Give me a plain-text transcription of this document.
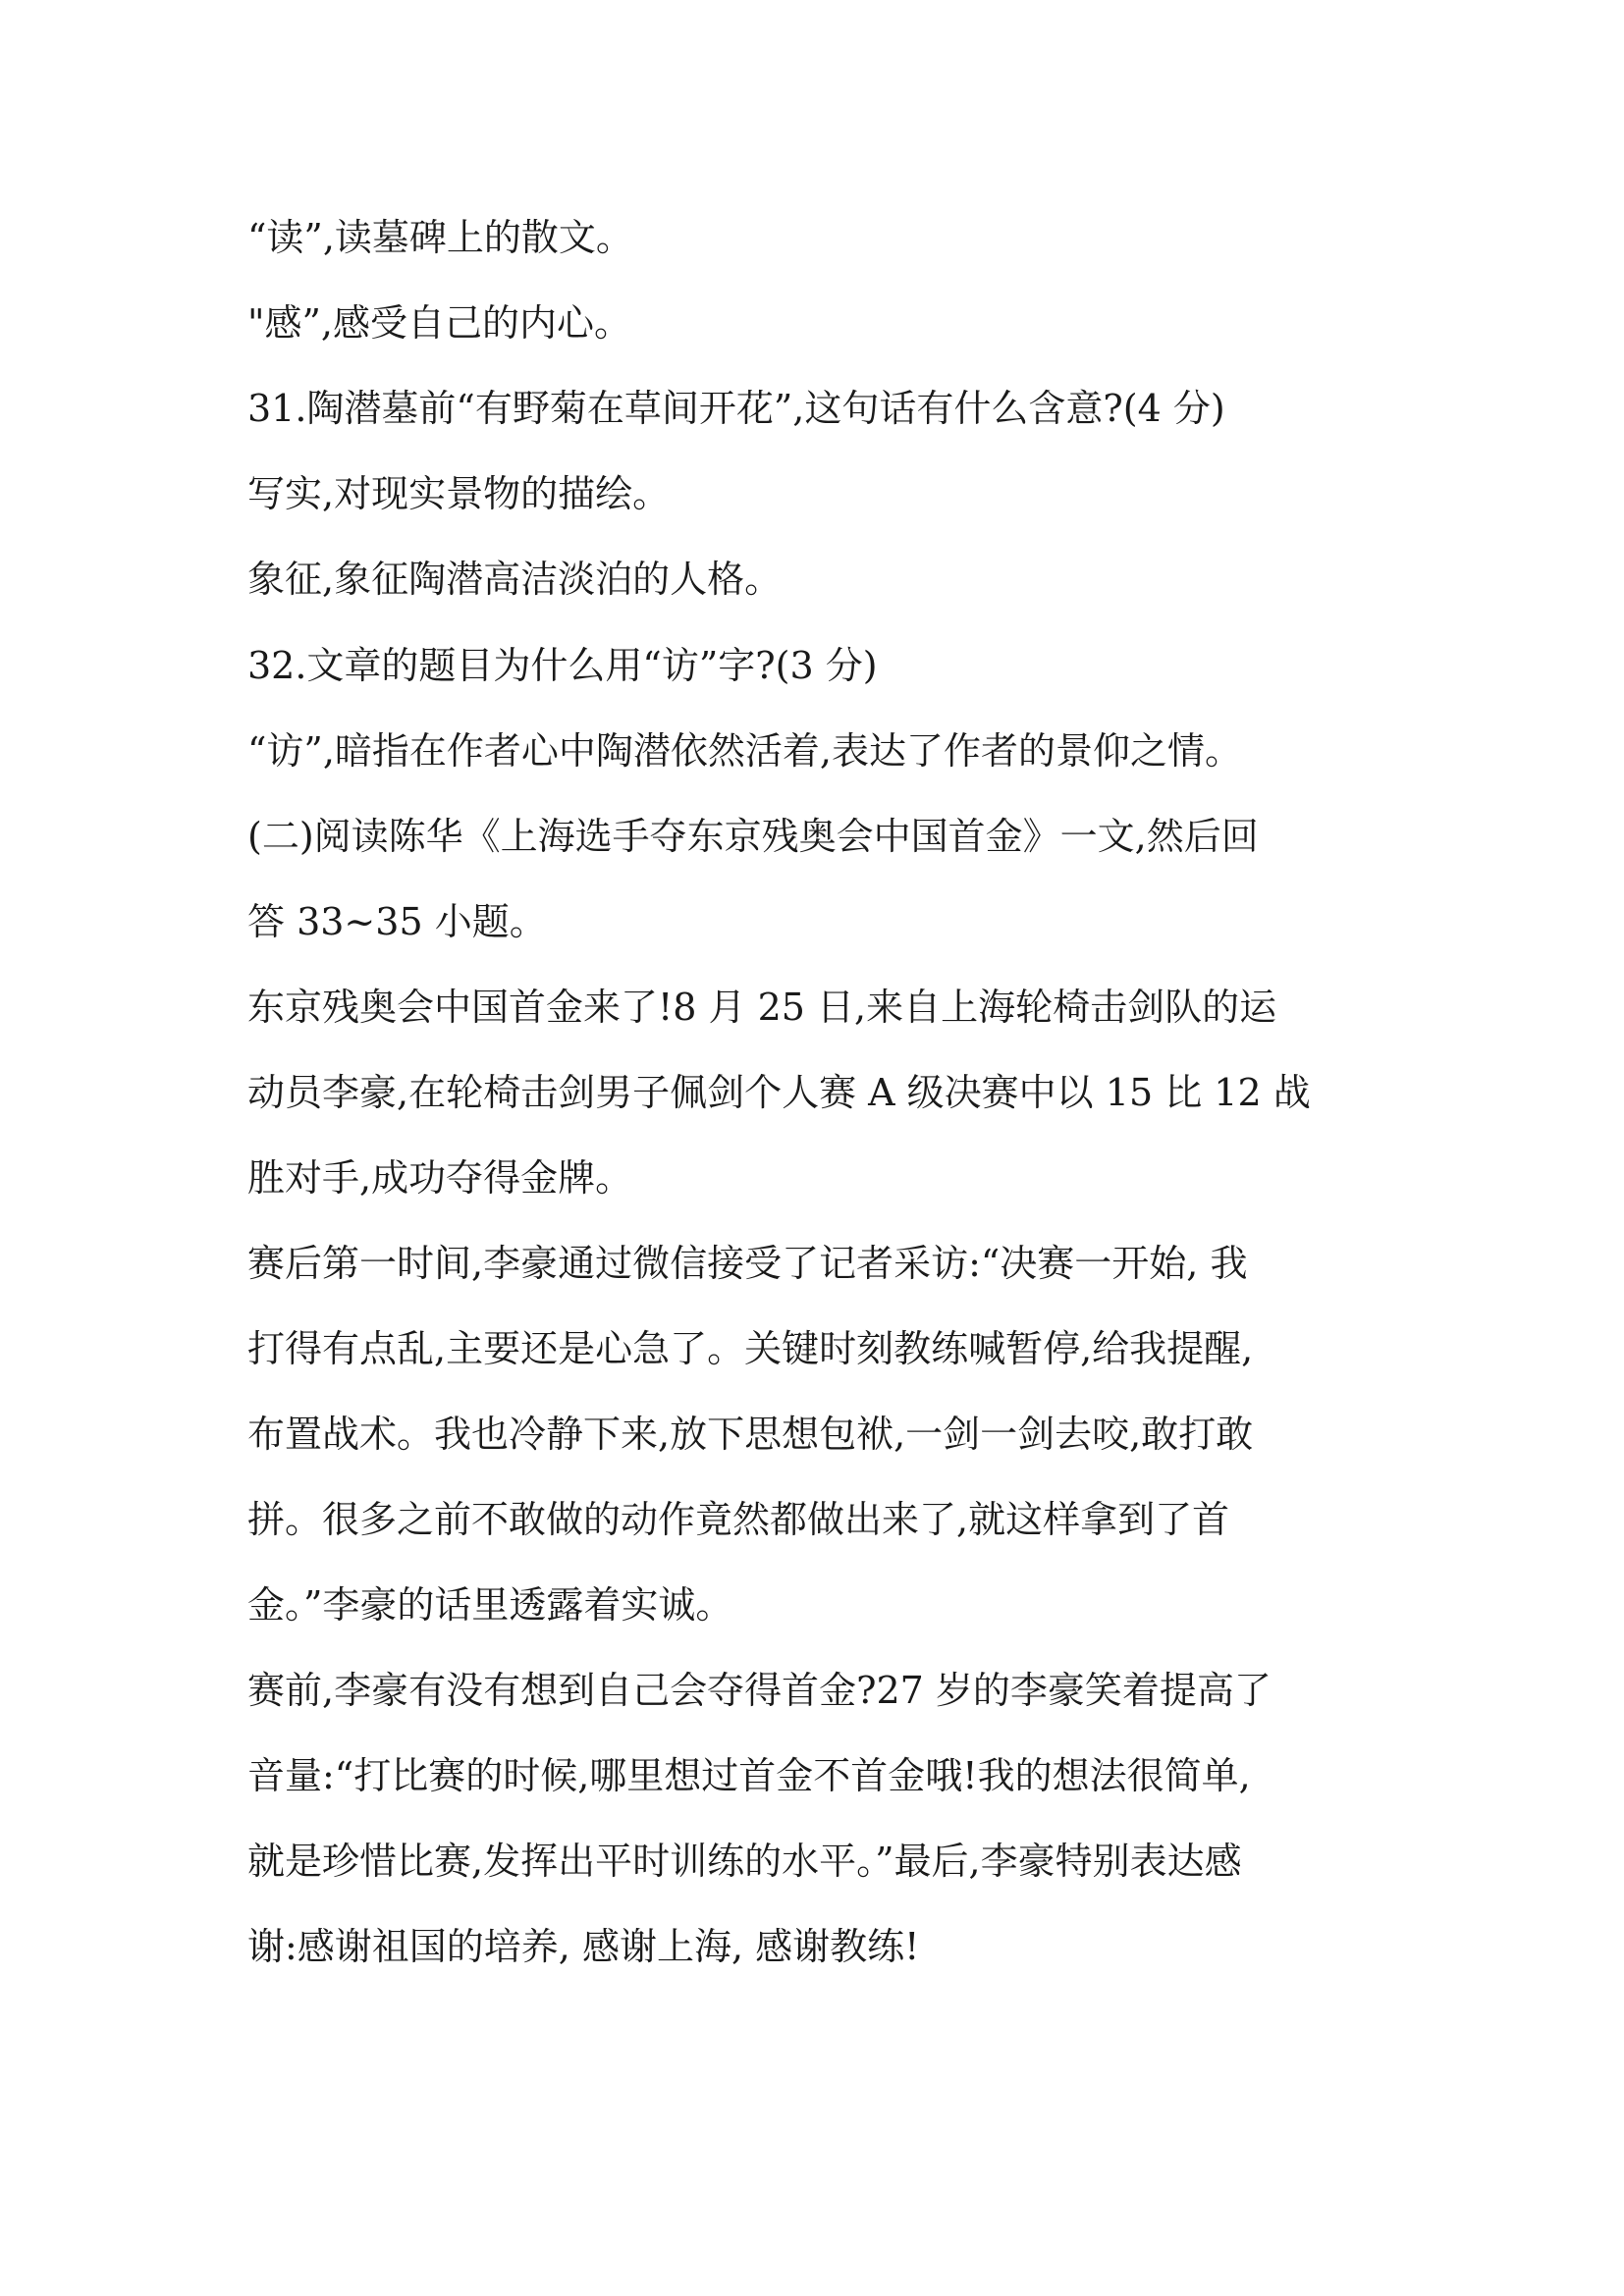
“读”,读墓碑上的散文。

"感”,感受自己的内心。

31.陶潜墓前“有野菊在草间开花”,这句话有什么含意?(4 分)

写实,对现实景物的描绘。

象征,象征陶潜高洁淡泊的人格。

32.文章的题目为什么用“访”字?(3 分)

“访”,暗指在作者心中陶潜依然活着,表达了作者的景仰之情。

(二)阅读陈华《上海选手夺东京残奥会中国首金》一文,然后回

答 33~35 小题。

东京残奥会中国首金来了!8 月 25 日,来自上海轮椅击剑队的运

动员李豪,在轮椅击剑男子佩剑个人赛 A 级决赛中以 15 比 12 战

胜对手,成功夺得金牌。

赛后第一时间,李豪通过微信接受了记者采访:“决赛一开始, 我

打得有点乱,主要还是心急了。关键时刻教练喊暂停,给我提醒,

布置战术。我也冷静下来,放下思想包袱,一剑一剑去咬,敢打敢

拼。很多之前不敢做的动作竟然都做出来了,就这样拿到了首

金。”李豪的话里透露着实诚。

赛前,李豪有没有想到自己会夺得首金?27 岁的李豪笑着提高了

音量:“打比赛的时候,哪里想过首金不首金哦!我的想法很简单,

就是珍惜比赛,发挥出平时训练的水平。”最后,李豪特别表达感

谢:感谢祖国的培养, 感谢上海, 感谢教练!
